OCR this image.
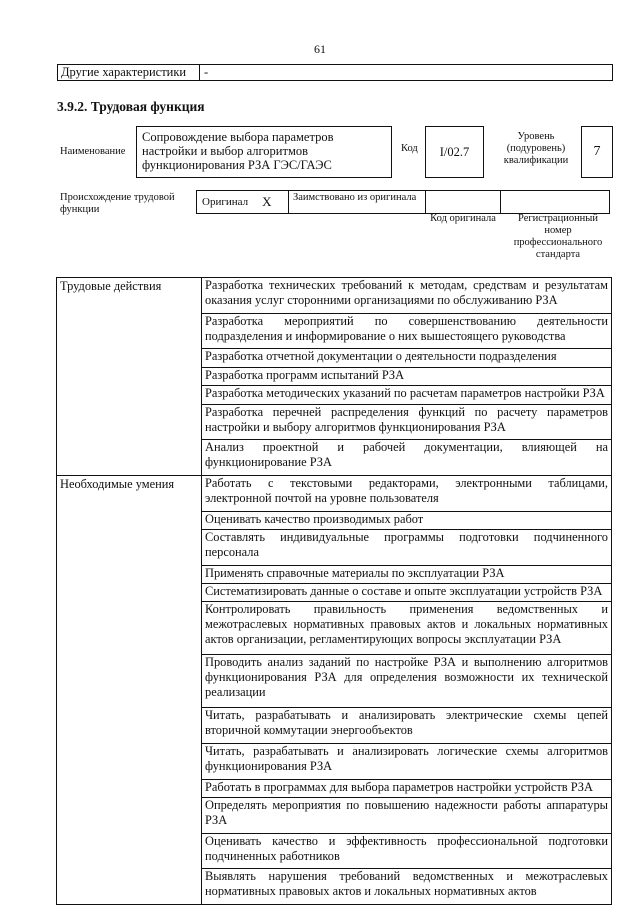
61
Другие характеристики	-
3.9.2. Трудовая функция
Наименование
Сопровождение выбора параметров настройки и выбор алгоритмов функционирования РЗА ГЭС/ГАЭС
Код	I/02.7
Уровень (подуровень) квалификации
7
Происхождение трудовой функции
Оригинал X	Заимствовано из оригинала
Код оригинала	Регистрационный номер профессионального стандарта
Трудовые действия	Разработка технических требований к методам, средствам и результатам оказания услуг сторонними организациями по обслуживанию РЗА
	Разработка мероприятий по совершенствованию деятельности подразделения и информирование о них вышестоящего руководства
	Разработка отчетной документации о деятельности подразделения
	Разработка программ испытаний РЗА
	Разработка методических указаний по расчетам параметров настройки РЗА
	Разработка перечней распределения функций по расчету параметров настройки и выбору алгоритмов функционирования РЗА
	Анализ проектной и рабочей документации, влияющей на функционирование РЗА
Необходимые умения	Работать с текстовыми редакторами, электронными таблицами, электронной почтой на уровне пользователя
	Оценивать качество производимых работ
	Составлять индивидуальные программы подготовки подчиненного персонала
	Применять справочные материалы по эксплуатации РЗА
	Систематизировать данные о составе и опыте эксплуатации устройств РЗА
	Контролировать правильность применения ведомственных и межотраслевых нормативных правовых актов и локальных нормативных актов организации, регламентирующих вопросы эксплуатации РЗА
	Проводить анализ заданий по настройке РЗА и выполнению алгоритмов функционирования РЗА для определения возможности их технической реализации
	Читать, разрабатывать и анализировать электрические схемы цепей вторичной коммутации энергообъектов
	Читать, разрабатывать и анализировать логические схемы алгоритмов функционирования РЗА
	Работать в программах для выбора параметров настройки устройств РЗА
	Определять мероприятия по повышению надежности работы аппаратуры РЗА
	Оценивать качество и эффективность профессиональной подготовки подчиненных работников
	Выявлять нарушения требований ведомственных и межотраслевых нормативных правовых актов и локальных нормативных актов
